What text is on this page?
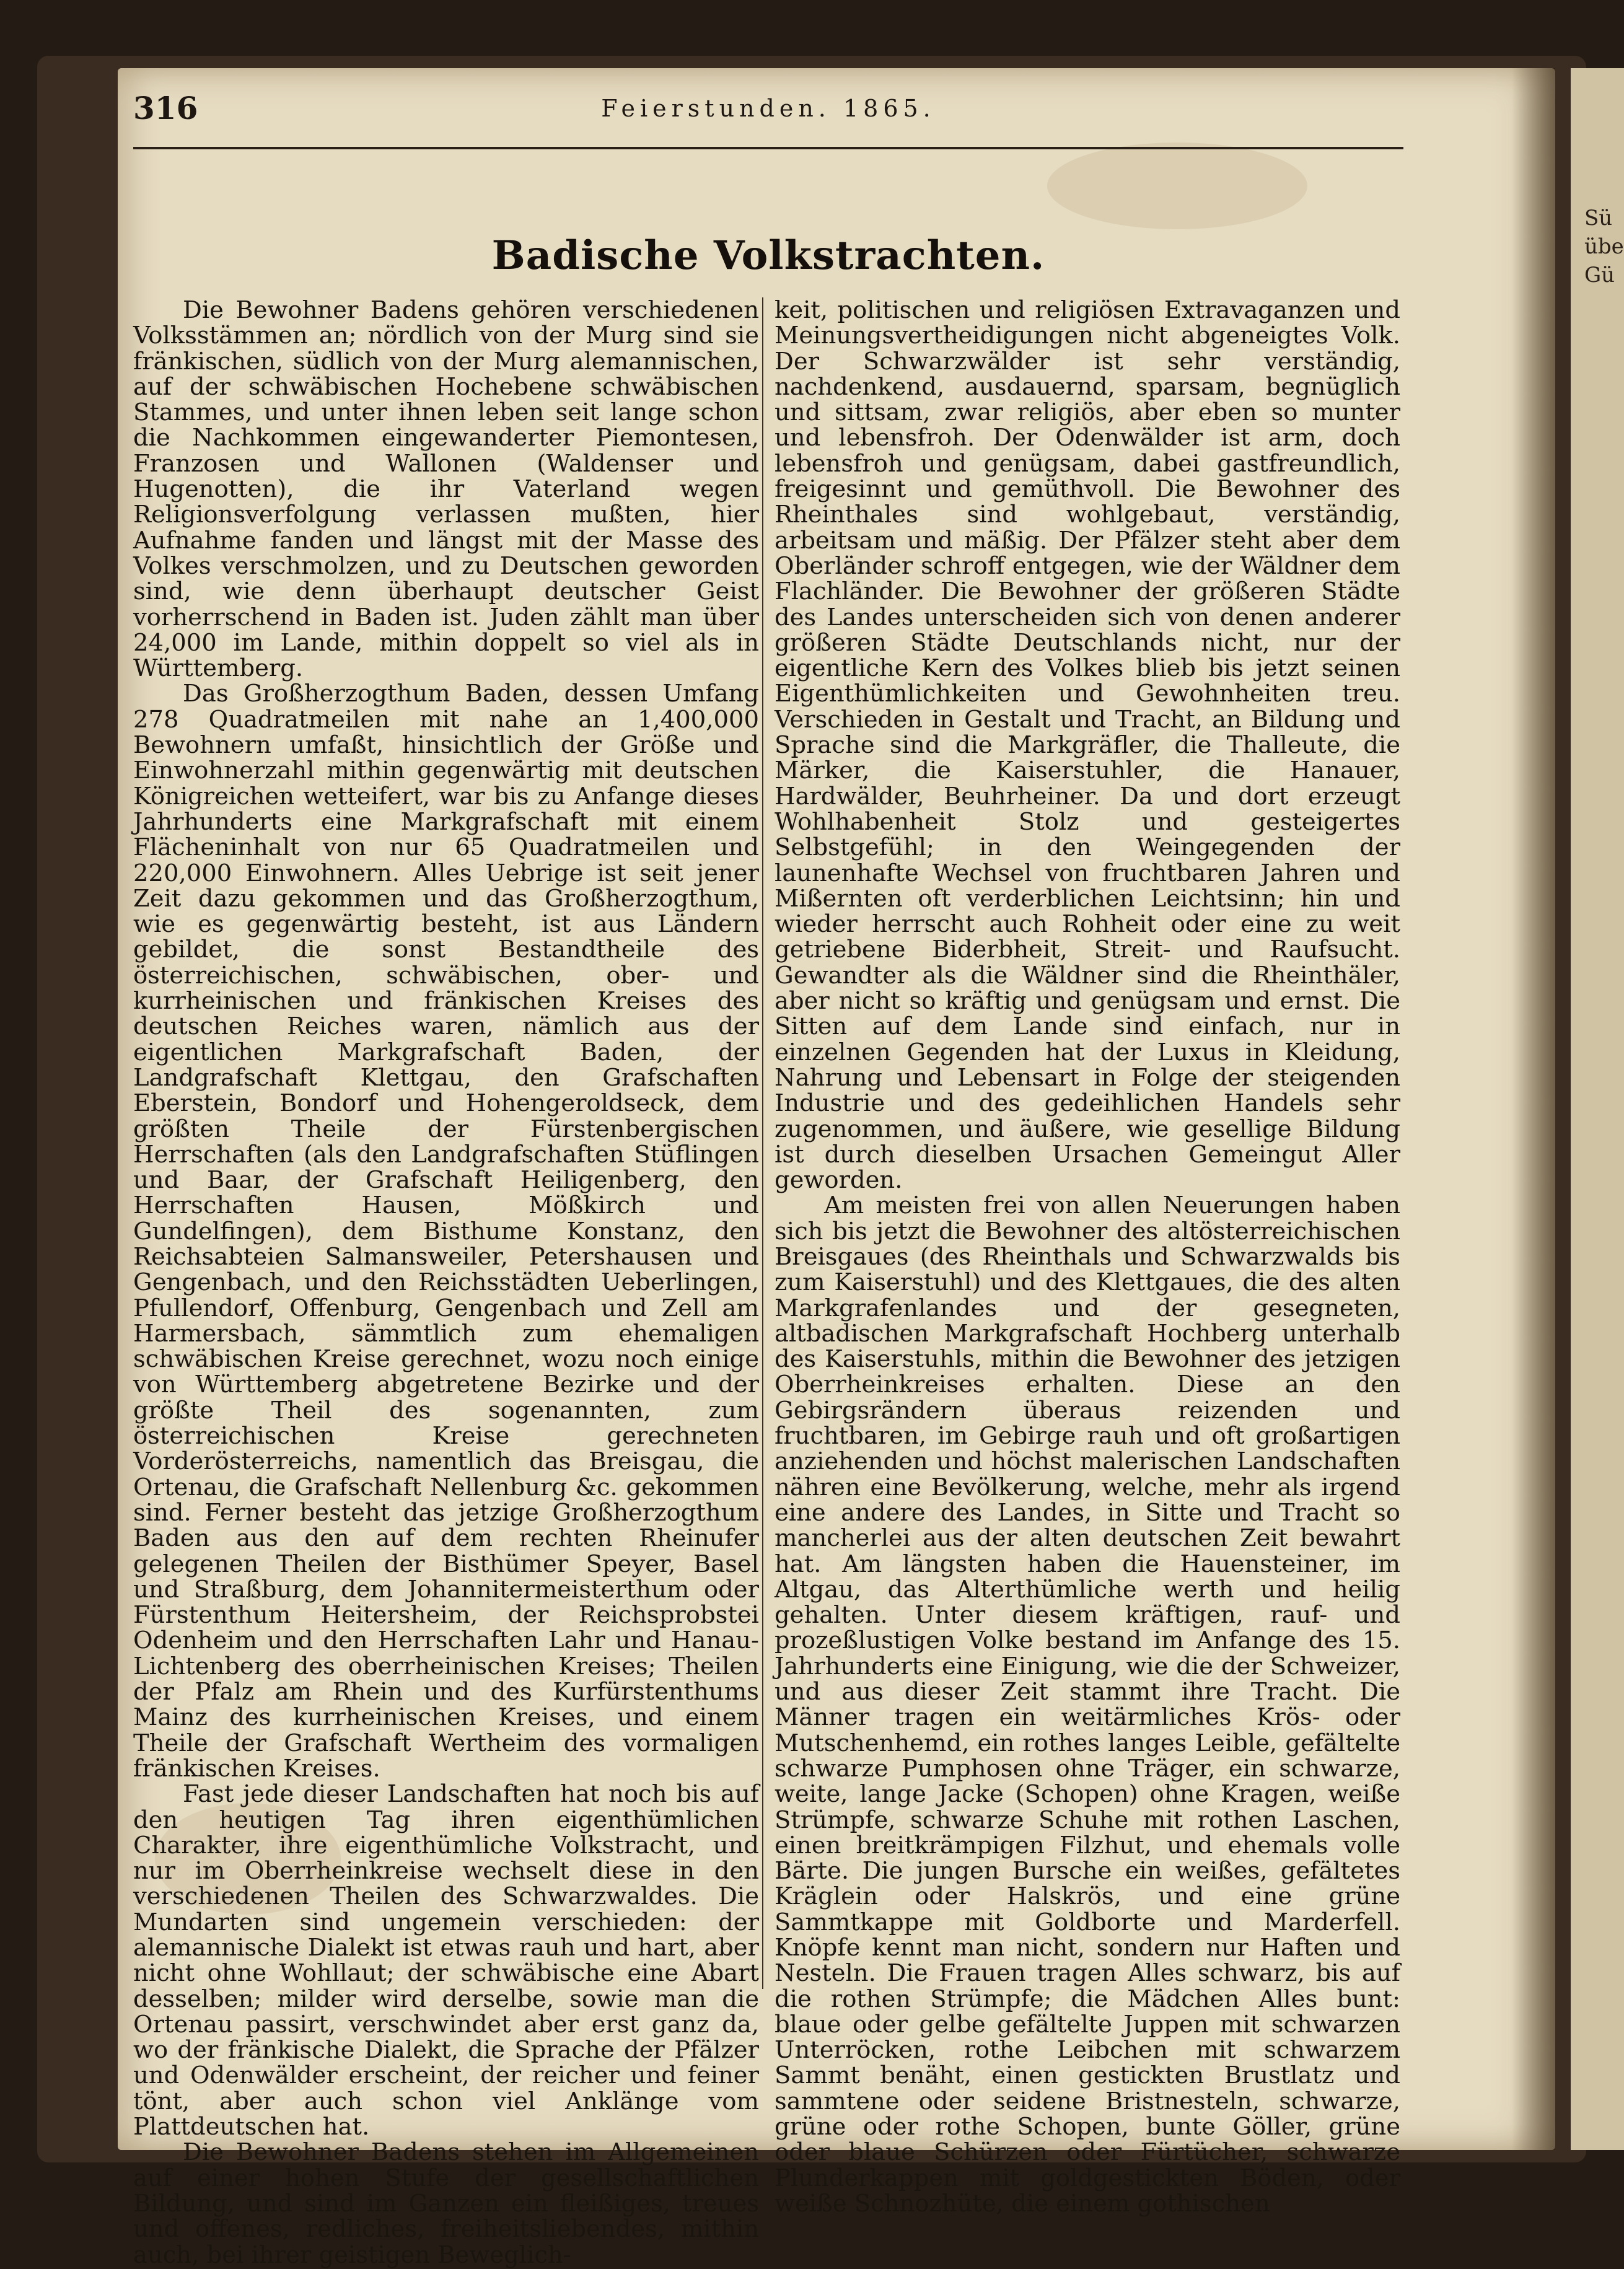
Sü
übe
Gü
316	Feierstunden. 1865.
Badische Volkstrachten.

Die Bewohner Badens gehören verschiedenen Volksstämmen an; nördlich von der Murg sind sie fränkischen, südlich von der Murg alemannischen, auf der schwäbischen Hochebene schwäbischen Stammes, und unter ihnen leben seit lange schon die Nachkommen eingewanderter Piemontesen, Franzosen und Wallonen (Waldenser und Hugenotten), die ihr Vaterland wegen Religionsverfolgung verlassen mußten, hier Aufnahme fanden und längst mit der Masse des Volkes verschmolzen, und zu Deutschen geworden sind, wie denn überhaupt deutscher Geist vorherrschend in Baden ist. Juden zählt man über 24,000 im Lande, mithin doppelt so viel als in Württemberg.

Das Großherzogthum Baden, dessen Umfang 278 Quadratmeilen mit nahe an 1,400,000 Bewohnern umfaßt, hinsichtlich der Größe und Einwohnerzahl mithin gegenwärtig mit deutschen Königreichen wetteifert, war bis zu Anfange dieses Jahrhunderts eine Markgrafschaft mit einem Flächeninhalt von nur 65 Quadratmeilen und 220,000 Einwohnern. Alles Uebrige ist seit jener Zeit dazu gekommen und das Großherzogthum, wie es gegenwärtig besteht, ist aus Ländern gebildet, die sonst Bestandtheile des österreichischen, schwäbischen, ober- und kurrheinischen und fränkischen Kreises des deutschen Reiches waren, nämlich aus der eigentlichen Markgrafschaft Baden, der Landgrafschaft Klettgau, den Grafschaften Eberstein, Bondorf und Hohengeroldseck, dem größten Theile der Fürstenbergischen Herrschaften (als den Landgrafschaften Stüflingen und Baar, der Grafschaft Heiligenberg, den Herrschaften Hausen, Mößkirch und Gundelfingen), dem Bisthume Konstanz, den Reichsabteien Salmansweiler, Petershausen und Gengenbach, und den Reichsstädten Ueberlingen, Pfullendorf, Offenburg, Gengenbach und Zell am Harmersbach, sämmtlich zum ehemaligen schwäbischen Kreise gerechnet, wozu noch einige von Württemberg abgetretene Bezirke und der größte Theil des sogenannten, zum österreichischen Kreise gerechneten Vorderösterreichs, namentlich das Breisgau, die Ortenau, die Grafschaft Nellenburg &c. gekommen sind. Ferner besteht das jetzige Großherzogthum Baden aus den auf dem rechten Rheinufer gelegenen Theilen der Bisthümer Speyer, Basel und Straßburg, dem Johannitermeisterthum oder Fürstenthum Heitersheim, der Reichsprobstei Odenheim und den Herrschaften Lahr und Hanau-Lichtenberg des oberrheinischen Kreises; Theilen der Pfalz am Rhein und des Kurfürstenthums Mainz des kurrheinischen Kreises, und einem Theile der Grafschaft Wertheim des vormaligen fränkischen Kreises.

Fast jede dieser Landschaften hat noch bis auf den heutigen Tag ihren eigenthümlichen Charakter, ihre eigenthümliche Volkstracht, und nur im Oberrheinkreise wechselt diese in den verschiedenen Theilen des Schwarzwaldes. Die Mundarten sind ungemein verschieden: der alemannische Dialekt ist etwas rauh und hart, aber nicht ohne Wohllaut; der schwäbische eine Abart desselben; milder wird derselbe, sowie man die Ortenau passirt, verschwindet aber erst ganz da, wo der fränkische Dialekt, die Sprache der Pfälzer und Odenwälder erscheint, der reicher und feiner tönt, aber auch schon viel Anklänge vom Plattdeutschen hat.

Die Bewohner Badens stehen im Allgemeinen auf einer hohen Stufe der gesellschaftlichen Bildung, und sind im Ganzen ein fleißiges, treues und offenes, redliches, freiheitsliebendes, mithin auch, bei ihrer geistigen Beweglich-

keit, politischen und religiösen Extravaganzen und Meinungsvertheidigungen nicht abgeneigtes Volk. Der Schwarzwälder ist sehr verständig, nachdenkend, ausdauernd, sparsam, begnüglich und sittsam, zwar religiös, aber eben so munter und lebensfroh. Der Odenwälder ist arm, doch lebensfroh und genügsam, dabei gastfreundlich, freigesinnt und gemüthvoll. Die Bewohner des Rheinthales sind wohlgebaut, verständig, arbeitsam und mäßig. Der Pfälzer steht aber dem Oberländer schroff entgegen, wie der Wäldner dem Flachländer. Die Bewohner der größeren Städte des Landes unterscheiden sich von denen anderer größeren Städte Deutschlands nicht, nur der eigentliche Kern des Volkes blieb bis jetzt seinen Eigenthümlichkeiten und Gewohnheiten treu. Verschieden in Gestalt und Tracht, an Bildung und Sprache sind die Markgräfler, die Thalleute, die Märker, die Kaiserstuhler, die Hanauer, Hardwälder, Beuhrheiner. Da und dort erzeugt Wohlhabenheit Stolz und gesteigertes Selbstgefühl; in den Weingegenden der launenhafte Wechsel von fruchtbaren Jahren und Mißernten oft verderblichen Leichtsinn; hin und wieder herrscht auch Rohheit oder eine zu weit getriebene Biderbheit, Streit- und Raufsucht. Gewandter als die Wäldner sind die Rheinthäler, aber nicht so kräftig und genügsam und ernst. Die Sitten auf dem Lande sind einfach, nur in einzelnen Gegenden hat der Luxus in Kleidung, Nahrung und Lebensart in Folge der steigenden Industrie und des gedeihlichen Handels sehr zugenommen, und äußere, wie gesellige Bildung ist durch dieselben Ursachen Gemeingut Aller geworden.

Am meisten frei von allen Neuerungen haben sich bis jetzt die Bewohner des altösterreichischen Breisgaues (des Rheinthals und Schwarzwalds bis zum Kaiserstuhl) und des Klettgaues, die des alten Markgrafenlandes und der gesegneten, altbadischen Markgrafschaft Hochberg unterhalb des Kaiserstuhls, mithin die Bewohner des jetzigen Oberrheinkreises erhalten. Diese an den Gebirgsrändern überaus reizenden und fruchtbaren, im Gebirge rauh und oft großartigen anziehenden und höchst malerischen Landschaften nähren eine Bevölkerung, welche, mehr als irgend eine andere des Landes, in Sitte und Tracht so mancherlei aus der alten deutschen Zeit bewahrt hat. Am längsten haben die Hauensteiner, im Altgau, das Alterthümliche werth und heilig gehalten. Unter diesem kräftigen, rauf- und prozeßlustigen Volke bestand im Anfange des 15. Jahrhunderts eine Einigung, wie die der Schweizer, und aus dieser Zeit stammt ihre Tracht. Die Männer tragen ein weitärmliches Krös- oder Mutschenhemd, ein rothes langes Leible, gefältelte schwarze Pumphosen ohne Träger, ein schwarze, weite, lange Jacke (Schopen) ohne Kragen, weiße Strümpfe, schwarze Schuhe mit rothen Laschen, einen breitkrämpigen Filzhut, und ehemals volle Bärte. Die jungen Bursche ein weißes, gefältetes Kräglein oder Halskrös, und eine grüne Sammtkappe mit Goldborte und Marderfell. Knöpfe kennt man nicht, sondern nur Haften und Nesteln. Die Frauen tragen Alles schwarz, bis auf die rothen Strümpfe; die Mädchen Alles bunt: blaue oder gelbe gefältelte Juppen mit schwarzen Unterröcken, rothe Leibchen mit schwarzem Sammt benäht, einen gestickten Brustlatz und sammtene oder seidene Bristnesteln, schwarze, grüne oder rothe Schopen, bunte Göller, grüne oder blaue Schürzen oder Fürtücher, schwarze Plunderkappen mit goldgestickten Böden, oder weiße Schnozhüte, die einem gothischen
